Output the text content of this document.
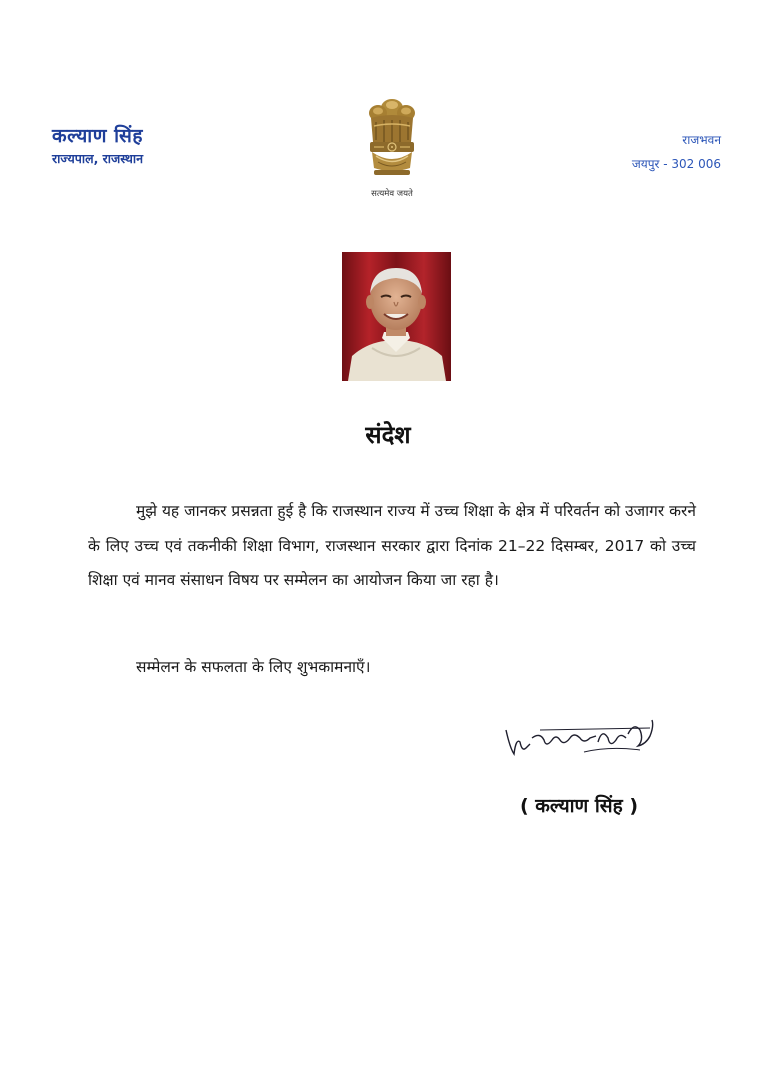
कल्याण सिंह
राज्यपाल, राजस्थान
सत्यमेव जयते
राजभवन
जयपुर - 302 006
संदेश

मुझे यह जानकर प्रसन्नता हुई है कि राजस्थान राज्य में उच्च शिक्षा के क्षेत्र में परिवर्तन को उजागर करने के लिए उच्च एवं तकनीकी शिक्षा विभाग, राजस्थान सरकार द्वारा दिनांक 21–22 दिसम्बर, 2017 को उच्च शिक्षा एवं मानव संसाधन विषय पर सम्मेलन का आयोजन किया जा रहा है।

सम्मेलन के सफलता के लिए शुभकामनाएँ।
( कल्याण सिंह )
